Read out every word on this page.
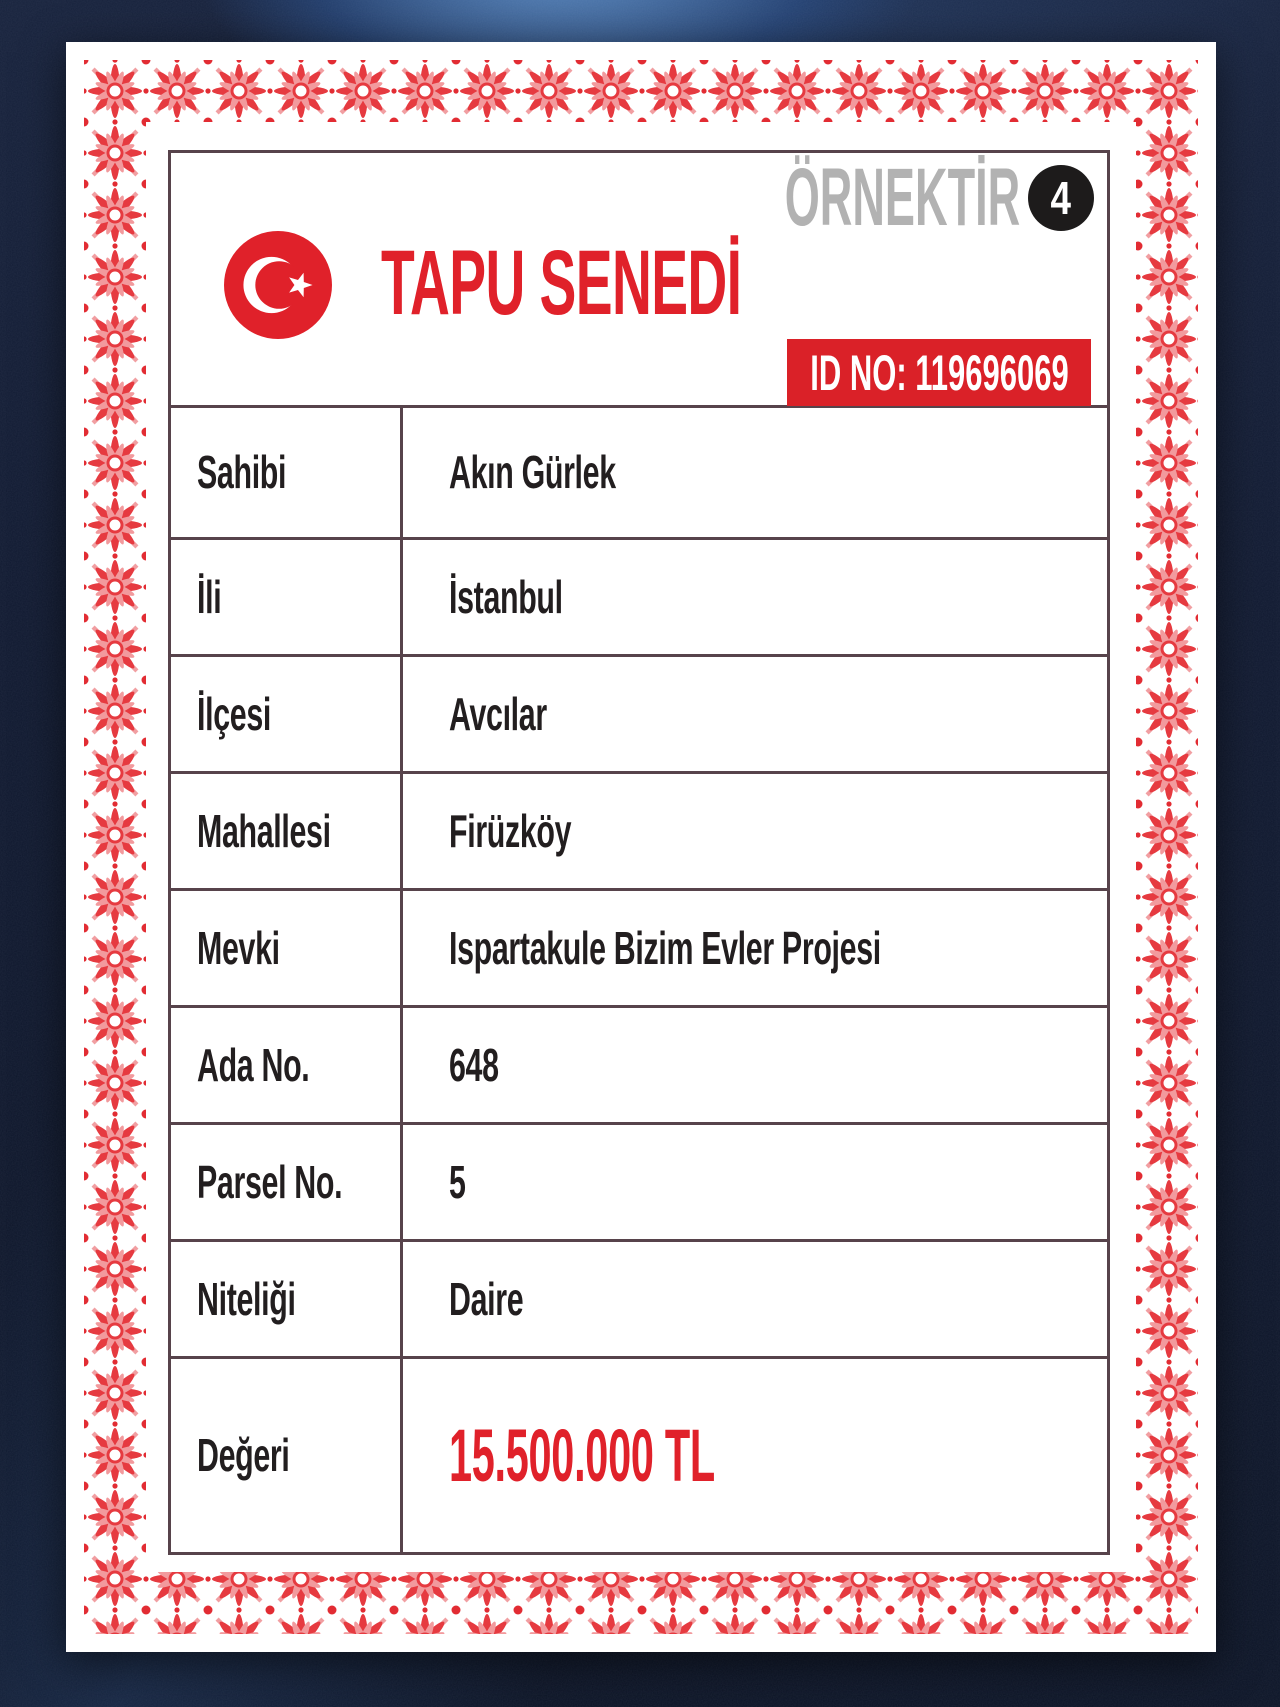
TAPU SENEDİ
ÖRNEKTİR 4
ID NO: 119696069
Sahibi	Akın Gürlek
İli	İstanbul
İlçesi	Avcılar
Mahallesi	Firüzköy
Mevki	Ispartakule Bizim Evler Projesi
Ada No.	648
Parsel No. 5
Niteliği	Daire
Değeri 15.500.000 TL
